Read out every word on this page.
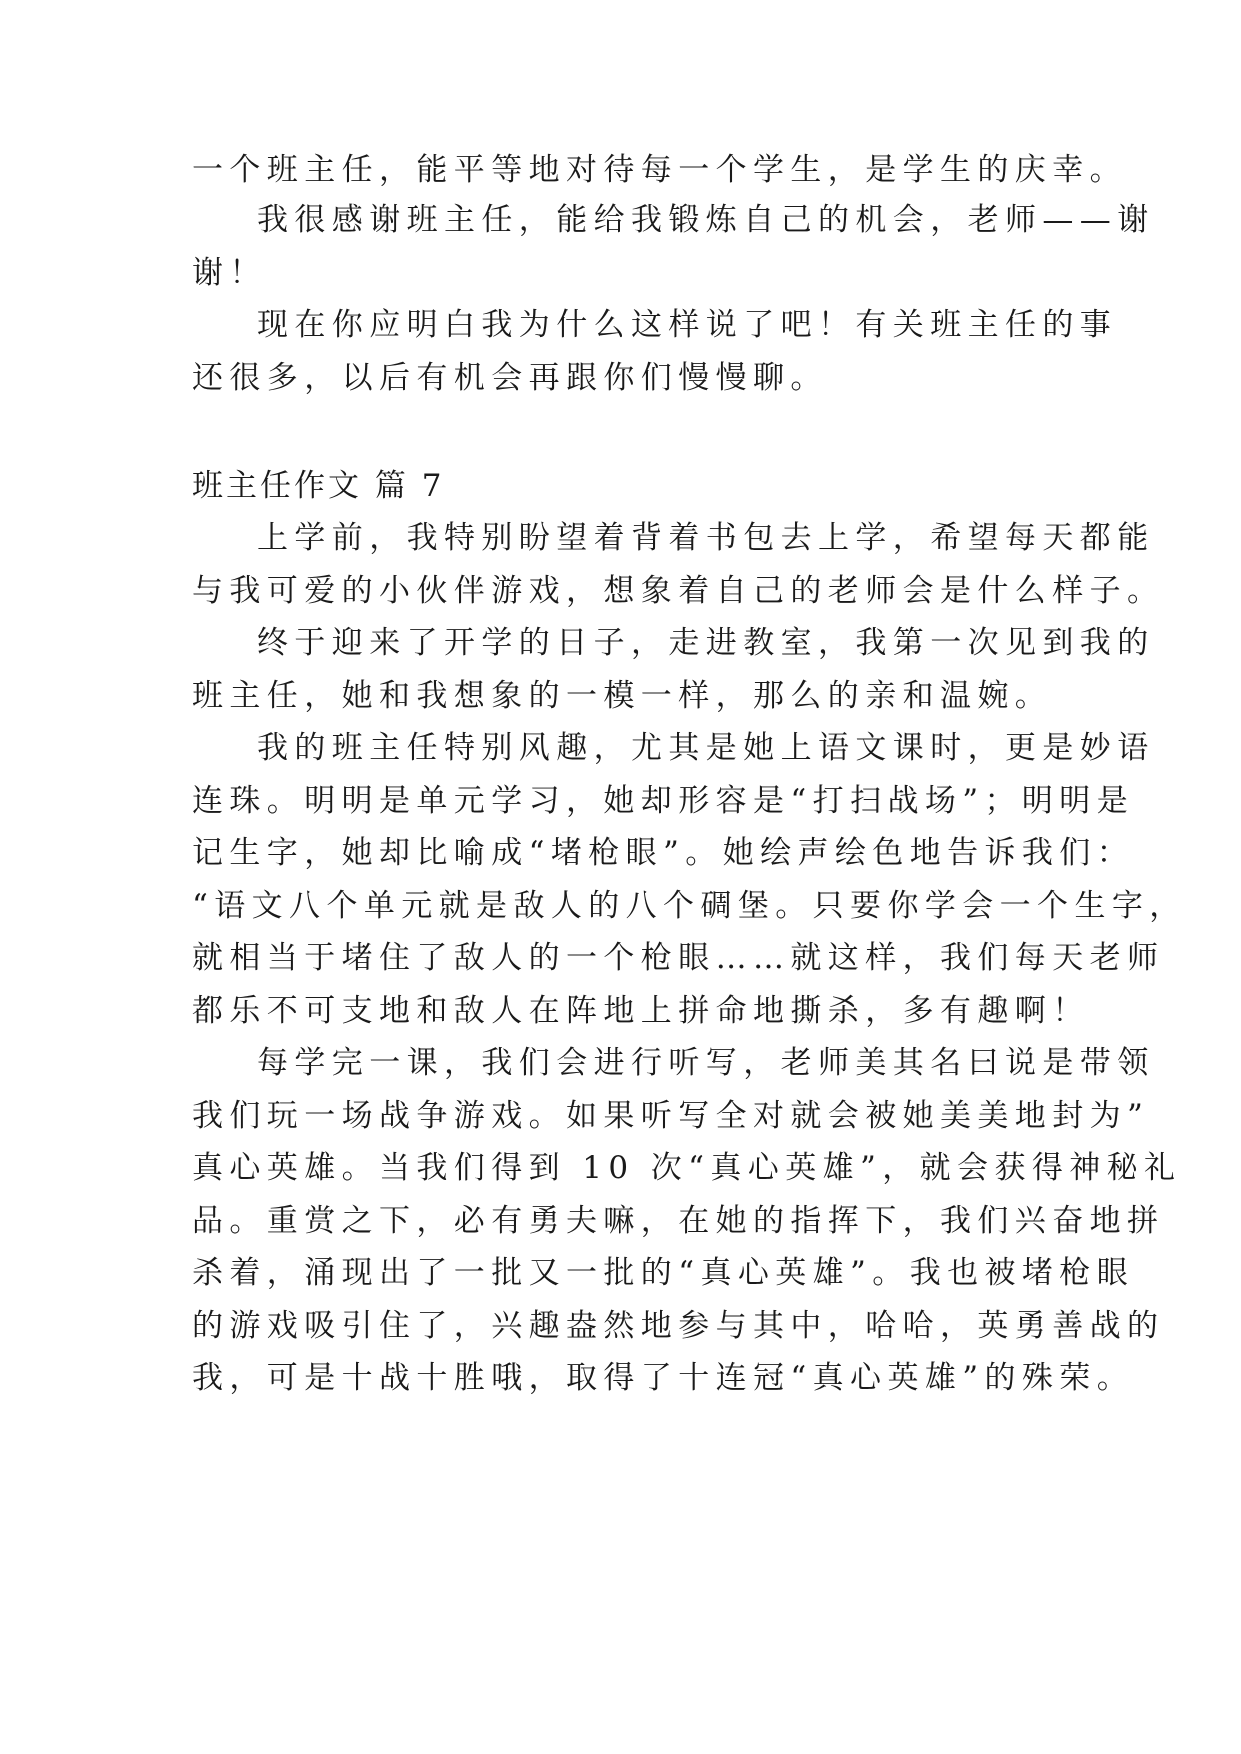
一个班主任，能平等地对待每一个学生，是学生的庆幸。
我很感谢班主任，能给我锻炼自己的机会，老师——谢
谢！
现在你应明白我为什么这样说了吧！有关班主任的事
还很多，以后有机会再跟你们慢慢聊。
班主任作文 篇 7
上学前，我特别盼望着背着书包去上学，希望每天都能
与我可爱的小伙伴游戏，想象着自己的老师会是什么样子。
终于迎来了开学的日子，走进教室，我第一次见到我的
班主任，她和我想象的一模一样，那么的亲和温婉。
我的班主任特别风趣，尤其是她上语文课时，更是妙语
连珠。明明是单元学习，她却形容是“打扫战场”；明明是
记生字，她却比喻成“堵枪眼”。她绘声绘色地告诉我们：
“语文八个单元就是敌人的八个碉堡。只要你学会一个生字，
就相当于堵住了敌人的一个枪眼……就这样，我们每天老师
都乐不可支地和敌人在阵地上拼命地撕杀，多有趣啊！
每学完一课，我们会进行听写，老师美其名曰说是带领
我们玩一场战争游戏。如果听写全对就会被她美美地封为”
真心英雄。当我们得到 10 次“真心英雄”，就会获得神秘礼
品。重赏之下，必有勇夫嘛，在她的指挥下，我们兴奋地拼
杀着，涌现出了一批又一批的“真心英雄”。我也被堵枪眼
的游戏吸引住了，兴趣盎然地参与其中，哈哈，英勇善战的
我，可是十战十胜哦，取得了十连冠“真心英雄”的殊荣。
